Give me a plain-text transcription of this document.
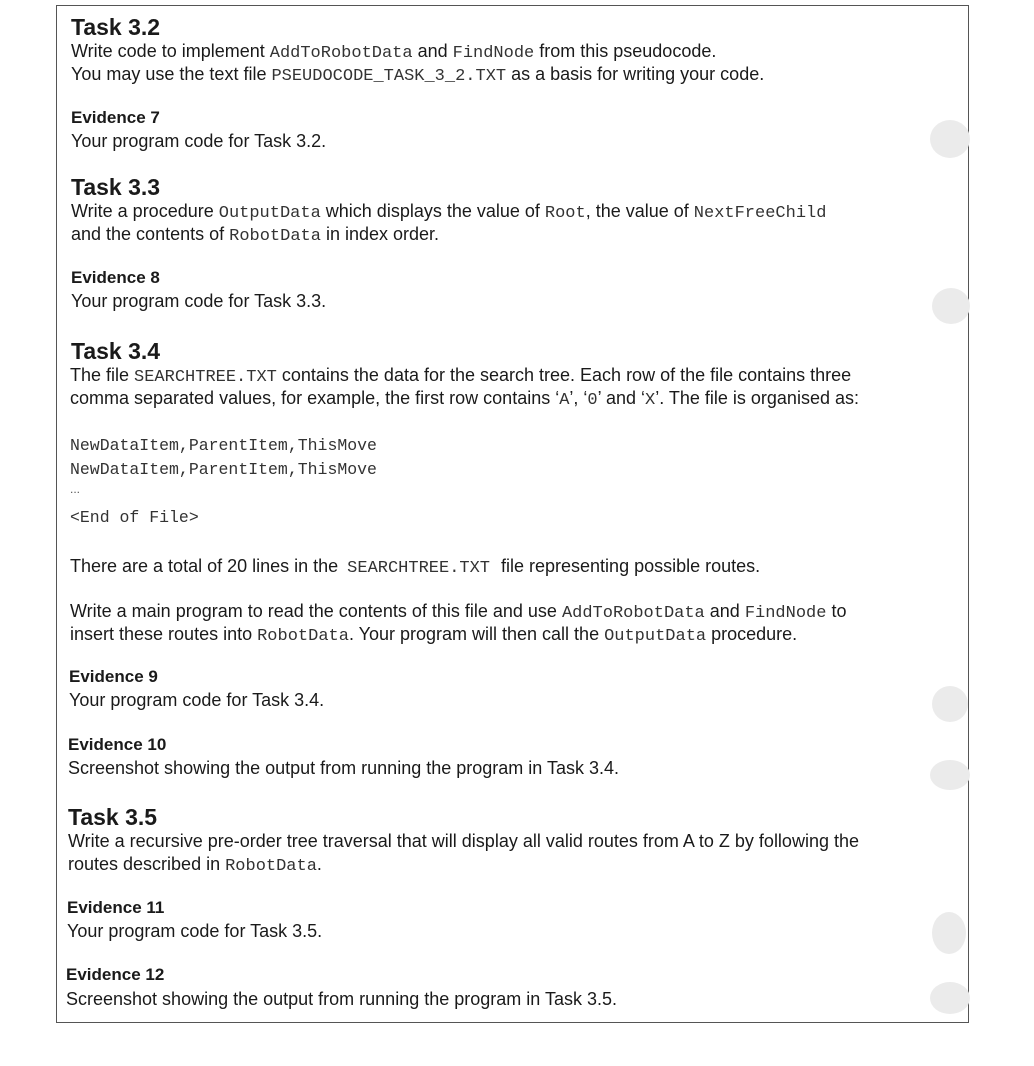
Task 3.2
Write code to implement AddToRobotData and FindNode from this pseudocode.
You may use the text file PSEUDOCODE_TASK_3_2.TXT as a basis for writing your code.
Evidence 7
Your program code for Task 3.2.
Task 3.3
Write a procedure OutputData which displays the value of Root, the value of NextFreeChild
and the contents of RobotData in index order.
Evidence 8
Your program code for Task 3.3.
Task 3.4
The file SEARCHTREE.TXT contains the data for the search tree. Each row of the file contains three
comma separated values, for example, the first row contains ‘A’, ‘0’ and ‘X’. The file is organised as:
NewDataItem,ParentItem,ThisMove
NewDataItem,ParentItem,ThisMove
...
<End of File>
There are a total of 20 lines in the SEARCHTREE.TXT file representing possible routes.
Write a main program to read the contents of this file and use AddToRobotData and FindNode to
insert these routes into RobotData. Your program will then call the OutputData procedure.
Evidence 9
Your program code for Task 3.4.
Evidence 10
Screenshot showing the output from running the program in Task 3.4.
Task 3.5
Write a recursive pre-order tree traversal that will display all valid routes from A to Z by following the
routes described in RobotData.
Evidence 11
Your program code for Task 3.5.
Evidence 12
Screenshot showing the output from running the program in Task 3.5.
